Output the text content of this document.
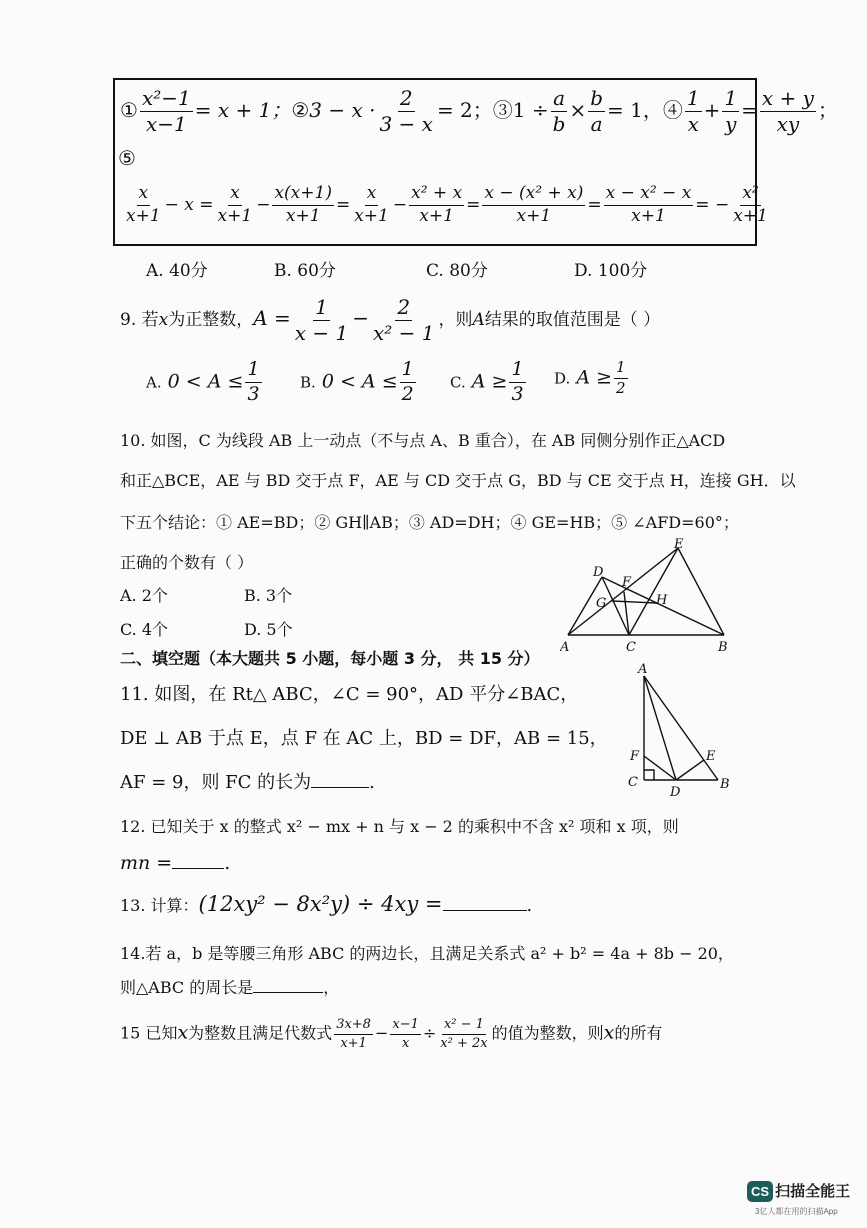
① $\frac{\text{x²−1}}{x-1} = x + 1$；②3 − $x \cdot \frac{2}{3 - x} = 2$；③1 ÷ $\frac{a}{b} \times \frac{b}{a} = 1$，④ $\frac{1}{x} + \frac{1}{y} = \frac{x + y}{xy}$ ；
⑤
$\frac{x}{x+1} - x = \frac{x}{x+1} - \frac{x(x+1)}{x+1} = \frac{x}{x+1} - \frac{\text{x² + x}}{x+1} = \frac{\text{x − (x² + x)}}{x+1} = \frac{\text{x − x² − x}}{x+1}$ = − $\frac{\text{x²}}{x+1}$
A. 40分	B. 60分	C. 80分	D. 100分
9. 若x为正整数，$A = \frac{1}{x - 1} - \frac{2}{\text{x² − 1}}$ ，则A结果的取值范围是（ ）
A. $0 < A \le \frac{1}{3}$	B. $0 < A \le \frac{1}{2} C$. $A \ge \frac{1}{3} D$. $A \ge \frac{1}{2}$
10. 如图，C 为线段 AB 上一动点（不与点 A、B 重合），在 AB 同侧分别作正△ACD
和正△BCE，AE 与 BD 交于点 F，AE 与 CD 交于点 G，BD 与 CE 交于点 H，连接 GH．以
下五个结论：① AE=BD；② GH∥AB；③ AD=DH；④ GE=HB；⑤ ∠AFD=60°；
正确的个数有（ ）
A. 2个	B. 3个
C. 4个	D. 5个
A	B
C
D
E
F
G	H
二、填空题（本大题共 5 小题，每小题 3 分， 共 15 分）
11. 如图，在 Rt△ ABC，∠C = 90°，AD 平分∠BAC，
DE ⊥ AB 于点 E，点 F 在 AC 上，BD = DF，AB = 15，
AF = 9，则 FC 的长为	.
A
B
C
D
E
F
12. 已知关于 x 的整式 x² − mx + n 与 x − 2 的乘积中不含 x² 项和 x 项，则
mn =	.
13. 计算：(12xy² − 8x²y) ÷ 4xy =	.
14.若 a，b 是等腰三角形 ABC 的两边长，且满足关系式 a² + b² = 4a + 8b − 20，
则△ABC 的周长是	，
15 已知x为整数且满足代数式 $\frac{3x+8}{x+1} - \frac{x-1}{x} \div \frac{\text{x² − 1}}{\text{x² + 2x}}$ 的值为整数，则x的所有
CS 扫描全能王
3亿人都在用的扫描App
